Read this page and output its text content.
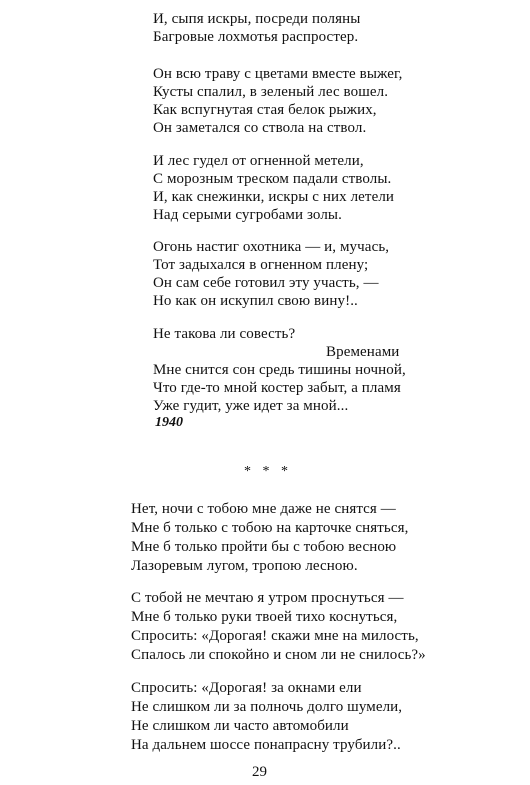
И, сыпя искры, посреди поляны
Багровые лохмотья распростер.
Он всю траву с цветами вместе выжег,
Кусты спалил, в зеленый лес вошел.
Как вспугнутая стая белок рыжих,
Он заметался со ствола на ствол.
И лес гудел от огненной метели,
С морозным треском падали стволы.
И, как снежинки, искры с них летели
Над серыми сугробами золы.
Огонь настиг охотника — и, мучась,
Тот задыхался в огненном плену;
Он сам себе готовил эту участь, —
Но как он искупил свою вину!..
Не такова ли совесть?
Временами
Мне снится сон средь тишины ночной,
Что где-то мной костер забыт, а пламя
Уже гудит, уже идет за мной...
1940
* * *
Нет, ночи с тобою мне даже не снятся —
Мне б только с тобою на карточке сняться,
Мне б только пройти бы с тобою весною
Лазоревым лугом, тропою лесною.
С тобой не мечтаю я утром проснуться —
Мне б только руки твоей тихо коснуться,
Спросить: «Дорогая! скажи мне на милость,
Спалось ли спокойно и сном ли не снилось?»
Спросить: «Дорогая! за окнами ели
Не слишком ли за полночь долго шумели,
Не слишком ли часто автомобили
На дальнем шоссе понапрасну трубили?..
29
